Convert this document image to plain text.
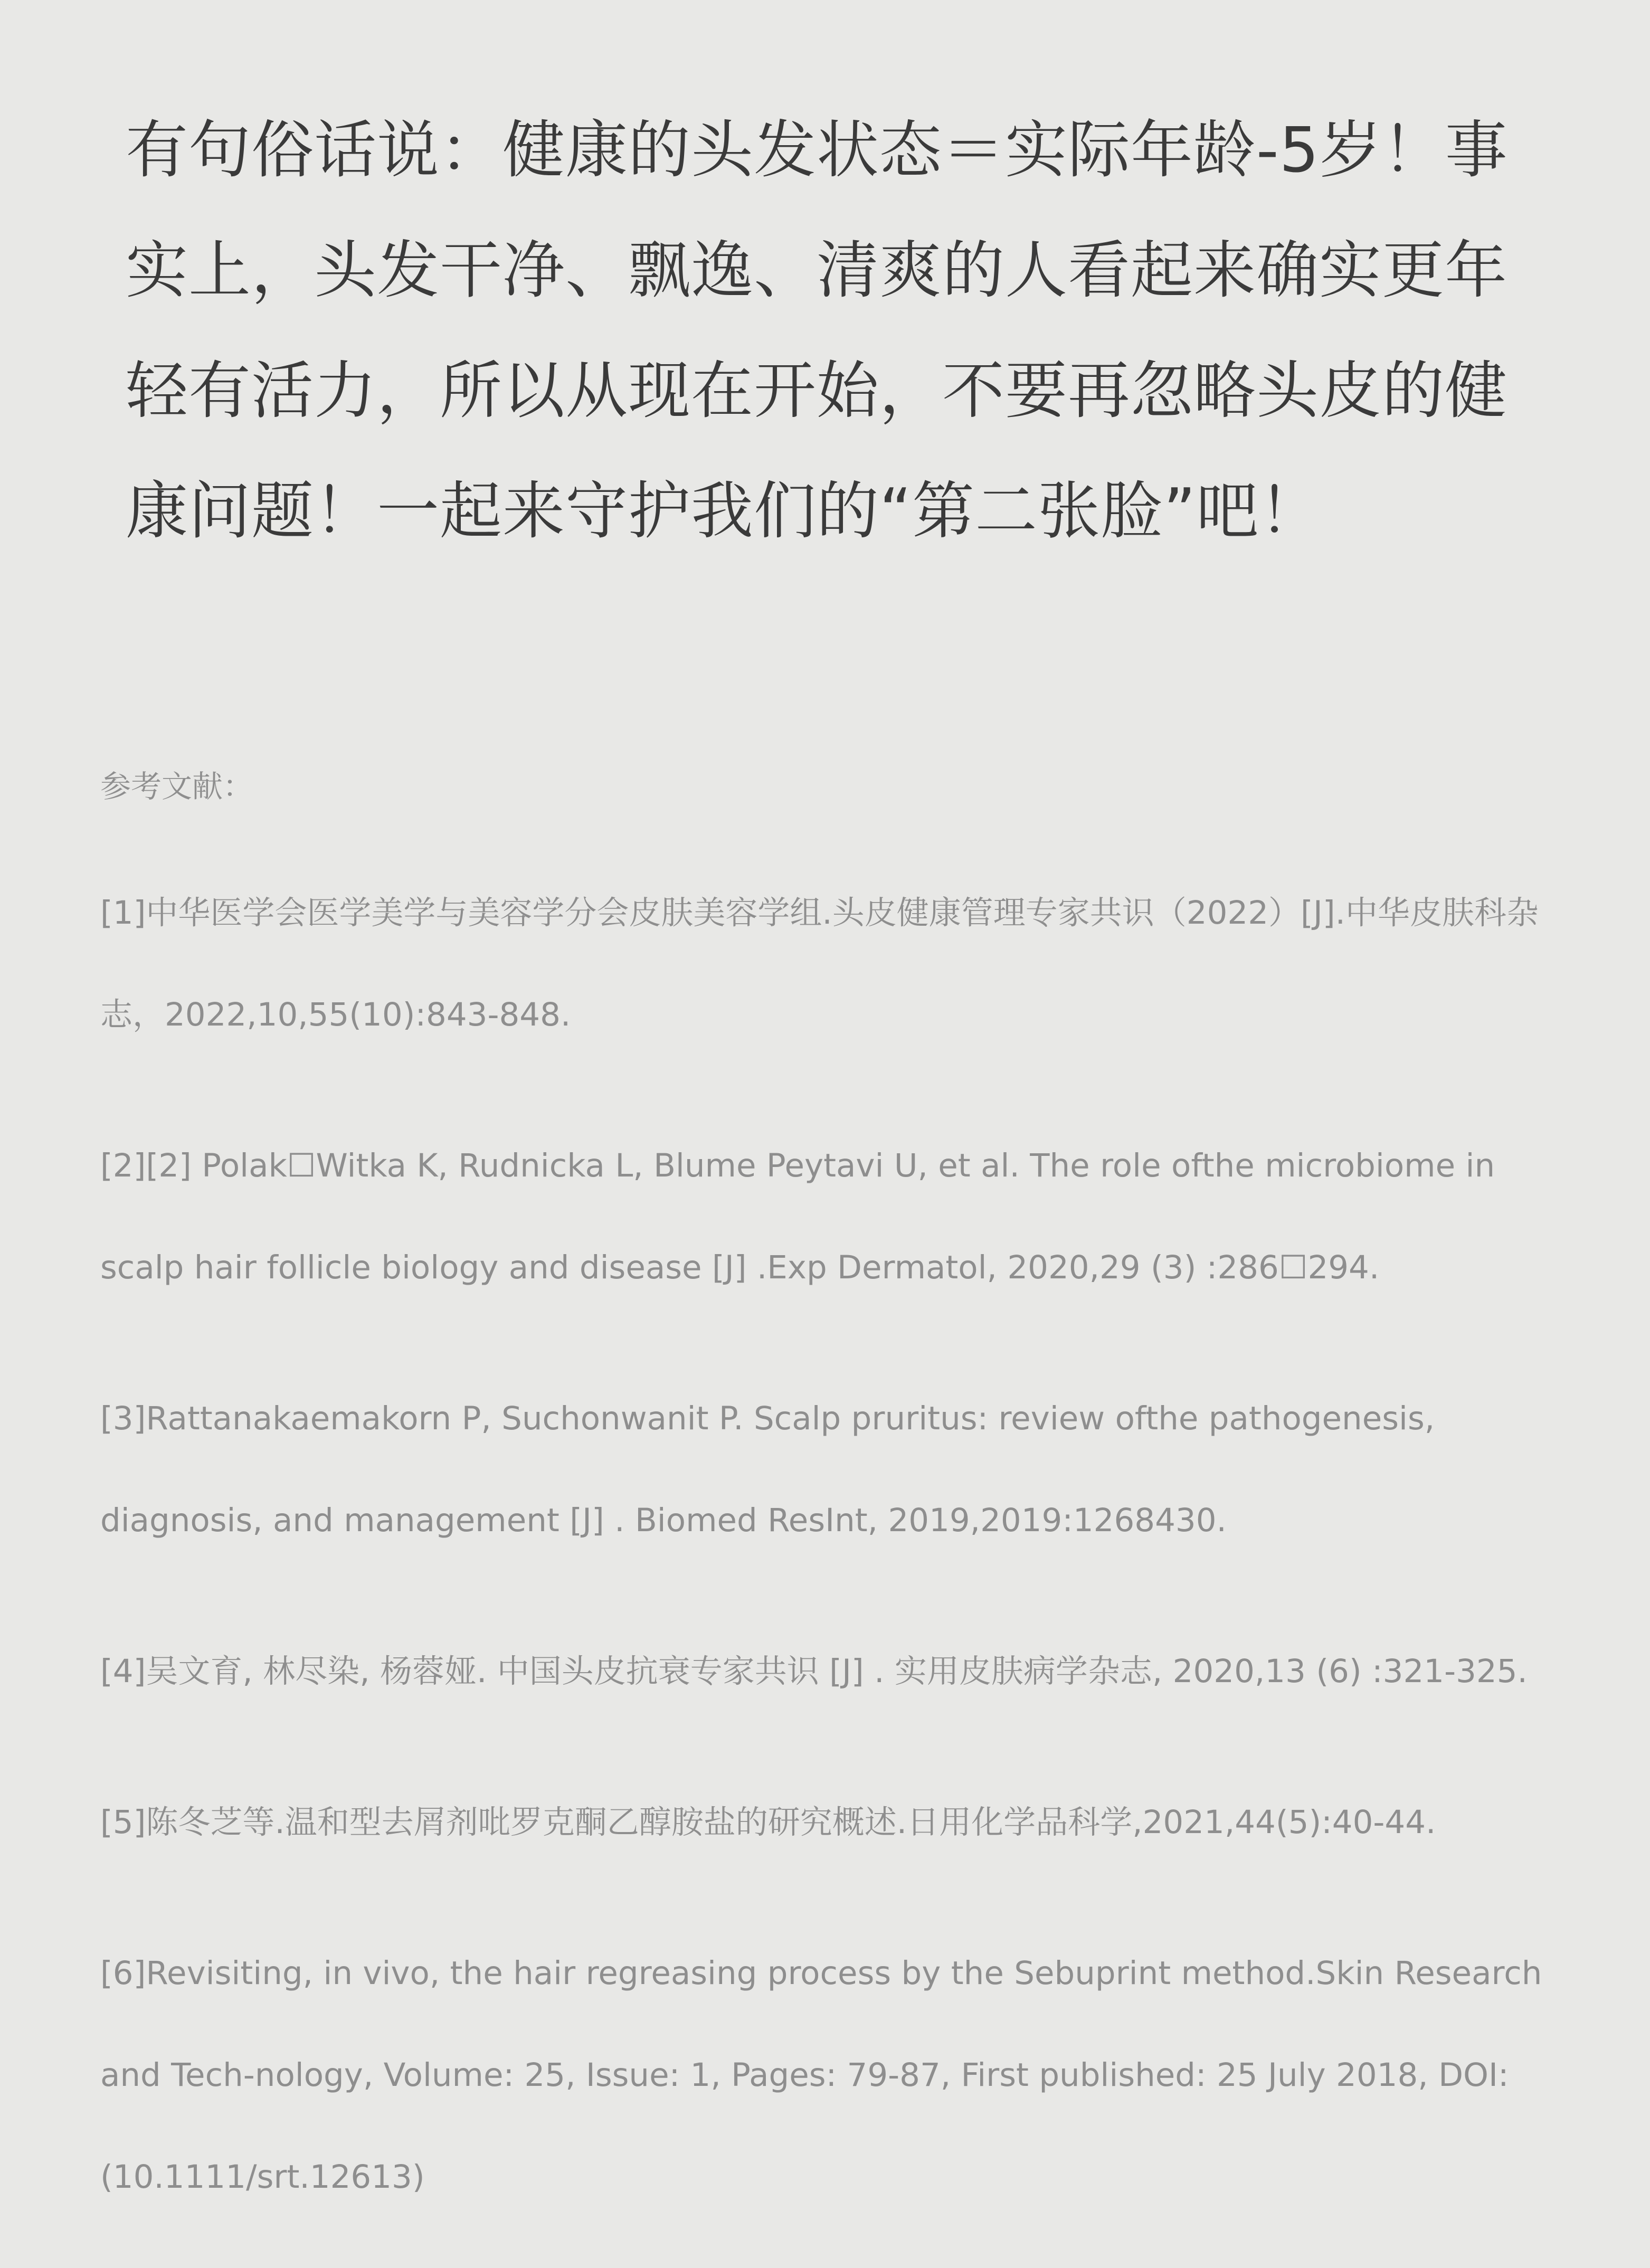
有句俗话说：健康的头发状态＝实际年龄-5岁！事实上，头发干净、飘逸、清爽的人看起来确实更年轻有活力，所以从现在开始，不要再忽略头皮的健康问题！一起来守护我们的“第二张脸”吧！

参考文献：

[1]中华医学会医学美学与美容学分会皮肤美容学组.头皮健康管理专家共识（2022）[J].中华皮肤科杂志，2022,10,55(10):843-848.
[2][2] Polak☐Witka K, Rudnicka L, Blume Peytavi U, et al. The role ofthe microbiome in scalp hair follicle biology and disease [J] .Exp Dermatol, 2020,29 (3) :286☐294.
[3]Rattanakaemakorn P, Suchonwanit P. Scalp pruritus: review ofthe pathogenesis, diagnosis, and management [J] . Biomed ResInt, 2019,2019:1268430.
[4]吴文育, 林尽染, 杨蓉娅. 中国头皮抗衰专家共识 [J] . 实用皮肤病学杂志, 2020,13 (6) :321-325.
[5]陈冬芝等.温和型去屑剂吡罗克酮乙醇胺盐的研究概述.日用化学品科学,2021,44(5):40-44.
[6]Revisiting, in vivo, the hair regreasing process by the Sebuprint method.Skin Research and Tech-nology, Volume: 25, Issue: 1, Pages: 79-87, First published: 25 July 2018, DOI: (10.1111/srt.12613)
